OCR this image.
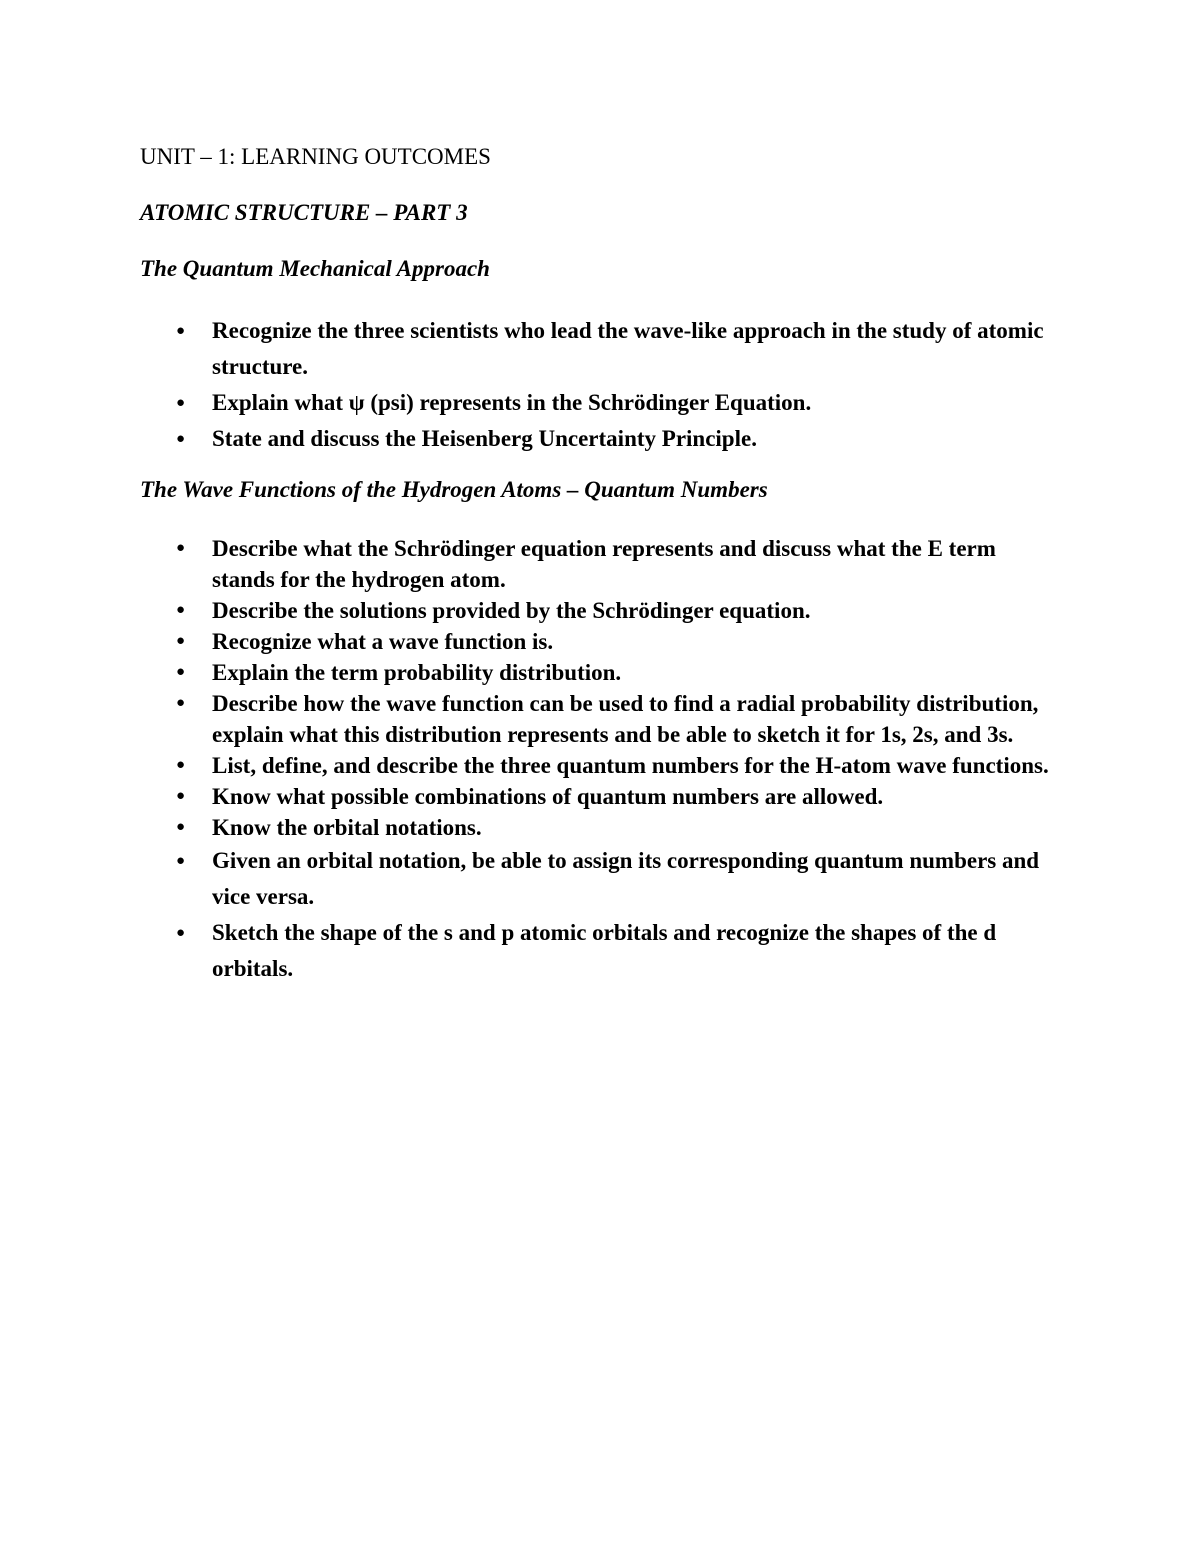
UNIT – 1: LEARNING OUTCOMES
ATOMIC STRUCTURE – PART 3
The Quantum Mechanical Approach
● Recognize the three scientists who lead the wave-like approach in the study of atomic structure.
● Explain what ψ (psi) represents in the Schrödinger Equation.
● State and discuss the Heisenberg Uncertainty Principle.
The Wave Functions of the Hydrogen Atoms – Quantum Numbers
● Describe what the Schrödinger equation represents and discuss what the E term stands for the hydrogen atom.
● Describe the solutions provided by the Schrödinger equation.
● Recognize what a wave function is.
● Explain the term probability distribution.
● Describe how the wave function can be used to find a radial probability distribution, explain what this distribution represents and be able to sketch it for 1s, 2s, and 3s.
● List, define, and describe the three quantum numbers for the H-atom wave functions.
● Know what possible combinations of quantum numbers are allowed.
● Know the orbital notations.
● Given an orbital notation, be able to assign its corresponding quantum numbers and vice versa.
● Sketch the shape of the s and p atomic orbitals and recognize the shapes of the d orbitals.
